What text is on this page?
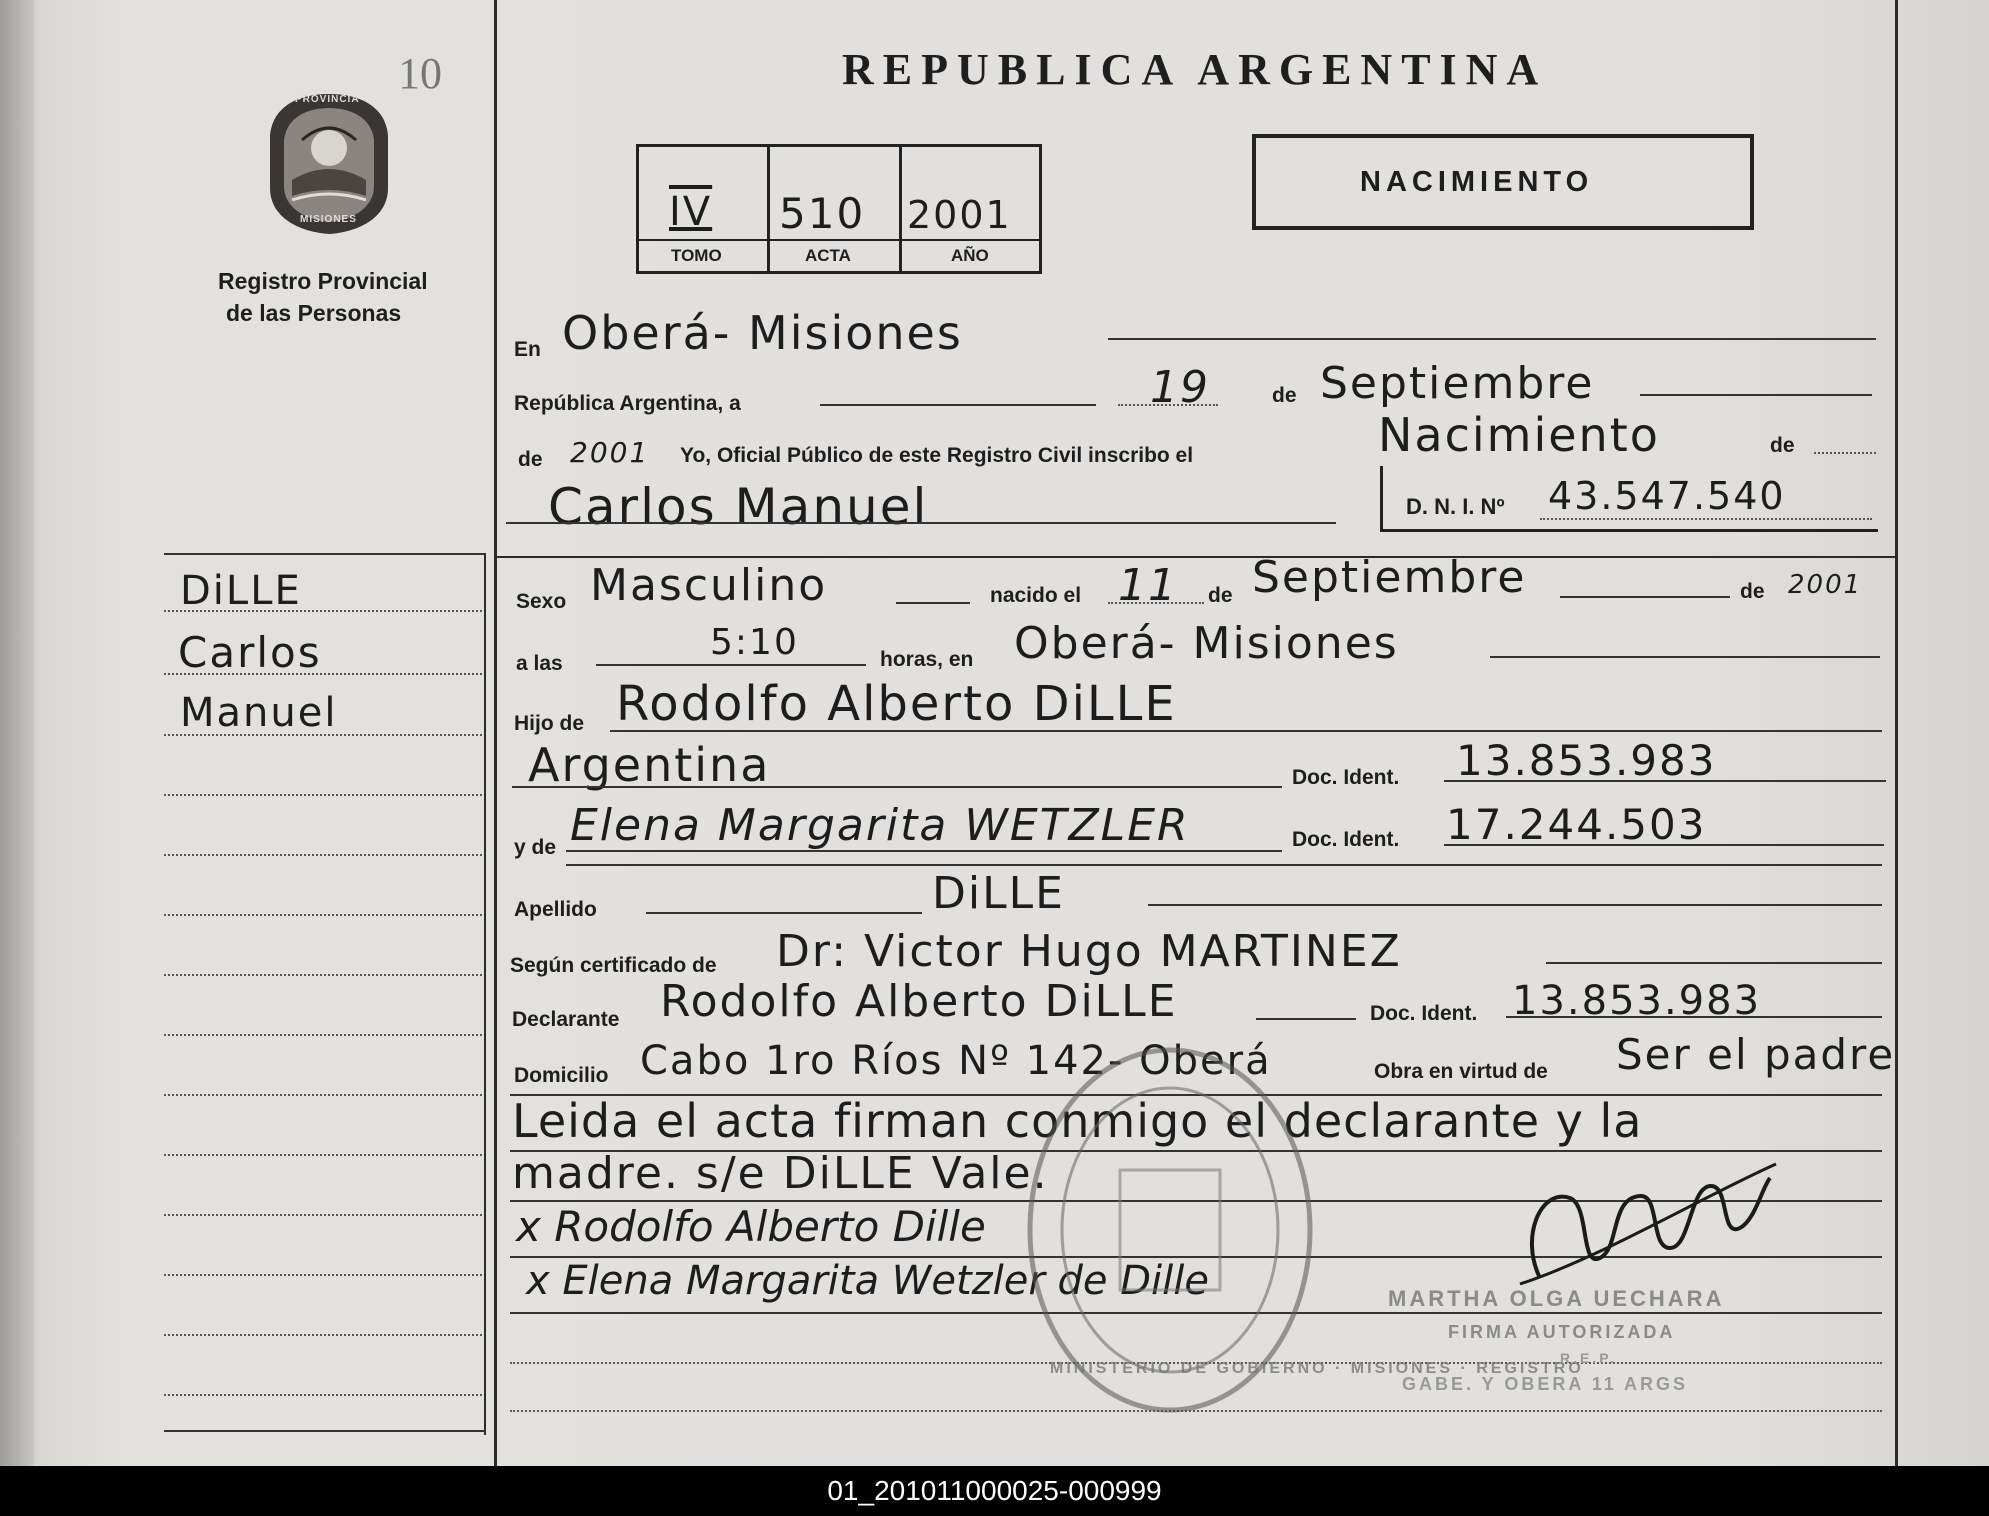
10
PROVINCIA
MISIONES
Registro Provincial
de las Personas
REPUBLICA ARGENTINA
IV 510 2001
TOMO	ACTA	AÑO
NACIMIENTO
DiLLE
Carlos
Manuel
En Oberá- Misiones
República Argentina, a	19	de Septiembre
de 2001 Yo, Oficial Público de este Registro Civil inscribo el	Nacimiento	de
Carlos Manuel	D. N. I. Nº 43.547.540
Sexo Masculino	nacido el 11 de Septiembre	de 2001
a las
5:10	horas, en Oberá- Misiones
Hijo de Rodolfo Alberto DiLLE
Argentina	Doc. Ident. 13.853.983
y de Elena Margarita WETZLER	Doc. Ident. 17.244.503
Apellido	DiLLE
Según certificado de Dr: Victor Hugo MARTINEZ
Declarante Rodolfo Alberto DiLLE	Doc. Ident. 13.853.983
Domicilio Cabo 1ro Ríos Nº 142- Oberá	Obra en virtud de Ser el padre
Leida el acta firman conmigo el declarante y la
madre. s/e DiLLE Vale.
x Rodolfo Alberto Dille
x Elena Margarita Wetzler de Dille
MINISTERIO DE GOBIERNO · MISIONES · REGISTRO
MARTHA OLGA UECHARA
FIRMA AUTORIZADA
R.E.P.
GABE. Y OBERA 11 ARGS
01_201011000025-000999
